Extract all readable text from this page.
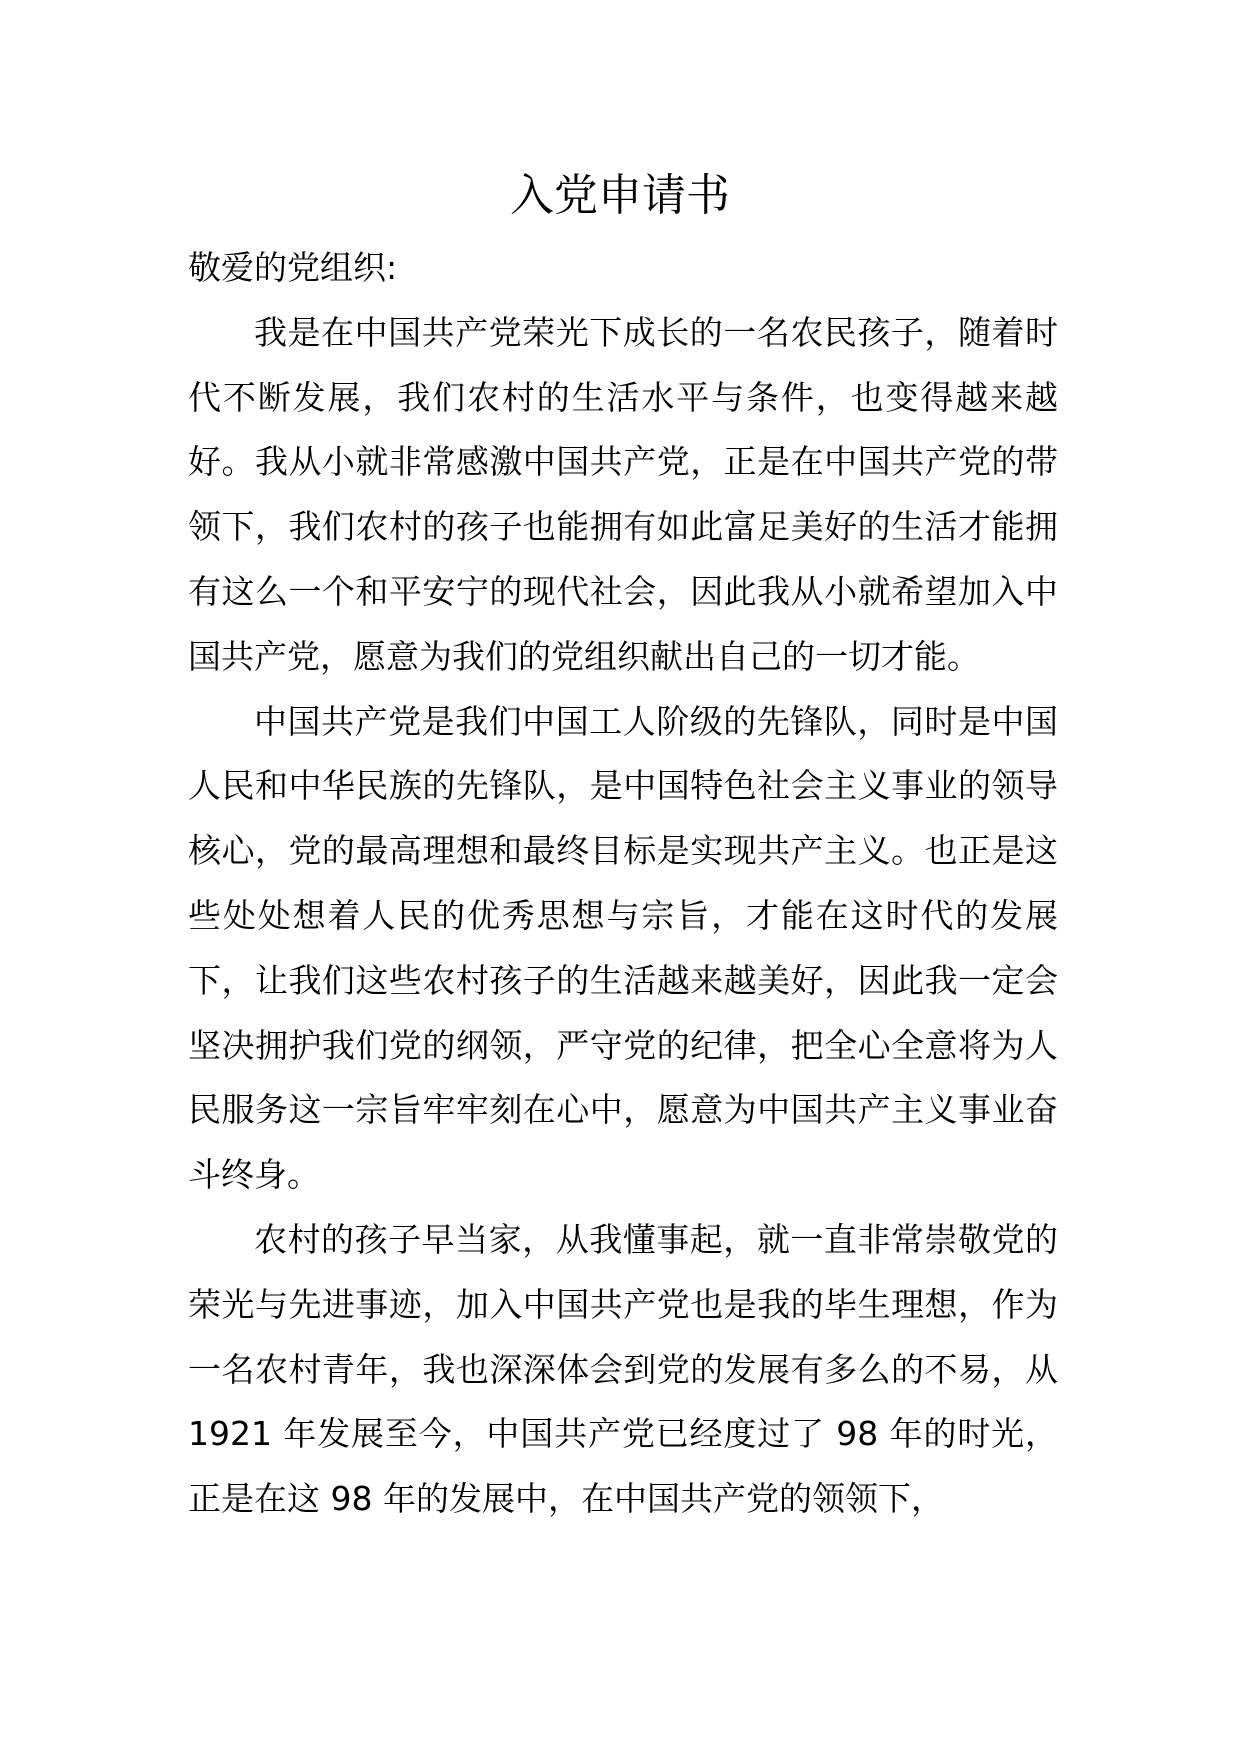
入党申请书

敬爱的党组织:

我是在中国共产党荣光下成长的一名农民孩子，随着时代不断发展，我们农村的生活水平与条件，也变得越来越好。我从小就非常感激中国共产党，正是在中国共产党的带领下，我们农村的孩子也能拥有如此富足美好的生活才能拥有这么一个和平安宁的现代社会，因此我从小就希望加入中国共产党，愿意为我们的党组织献出自己的一切才能。

中国共产党是我们中国工人阶级的先锋队，同时是中国人民和中华民族的先锋队，是中国特色社会主义事业的领导核心，党的最高理想和最终目标是实现共产主义。也正是这些处处想着人民的优秀思想与宗旨，才能在这时代的发展下，让我们这些农村孩子的生活越来越美好，因此我一定会坚决拥护我们党的纲领，严守党的纪律，把全心全意将为人民服务这一宗旨牢牢刻在心中，愿意为中国共产主义事业奋斗终身。

农村的孩子早当家，从我懂事起，就一直非常崇敬党的荣光与先进事迹，加入中国共产党也是我的毕生理想，作为一名农村青年，我也深深体会到党的发展有多么的不易，从 1921 年发展至今，中国共产党已经度过了 98 年的时光，正是在这 98 年的发展中，在中国共产党的领领下，
